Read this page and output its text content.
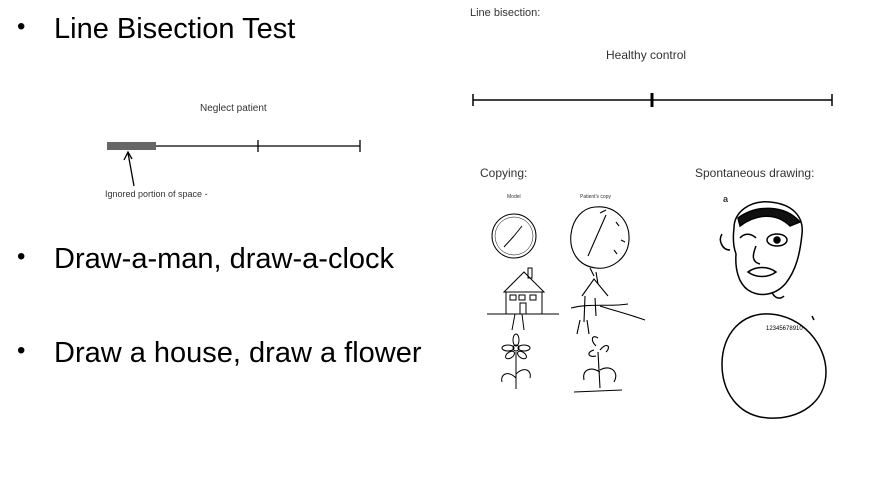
• Line Bisection Test
• Draw-a-man, draw-a-clock
• Draw a house, draw a flower
Neglect patient
Ignored portion of space -
Line bisection:
Healthy control
Copying:	Spontaneous drawing:
Model	Patient's copy	a
12345678910
